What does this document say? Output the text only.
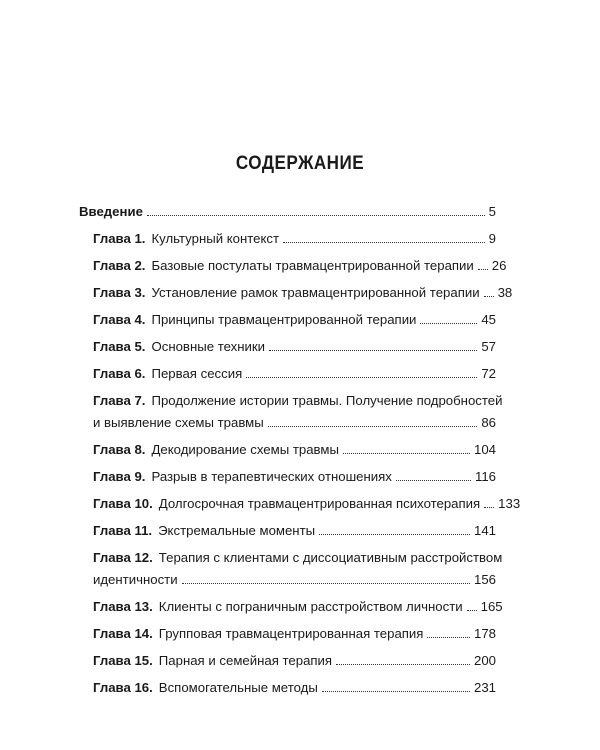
СОДЕРЖАНИЕ
Введение	5
Глава 1. Культурный контекст	9
Глава 2. Базовые постулаты травмацентрированной терапии 26
Глава 3. Установление рамок травмацентрированной терапии 38
Глава 4. Принципы травмацентрированной терапии	45
Глава 5. Основные техники	57
Глава 6. Первая сессия	72
Глава 7. Продолжение истории травмы. Получение подробностей
и выявление схемы травмы	86
Глава 8. Декодирование схемы травмы	104
Глава 9. Разрыв в терапевтических отношениях	116
Глава 10. Долгосрочная травмацентрированная психотерапия 133
Глава 11. Экстремальные моменты	141
Глава 12. Терапия с клиентами с диссоциативным расстройством
идентичности	156
Глава 13. Клиенты с пограничным расстройством личности 165
Глава 14. Групповая травмацентрированная терапия	178
Глава 15. Парная и семейная терапия	200
Глава 16. Вспомогательные методы	231
